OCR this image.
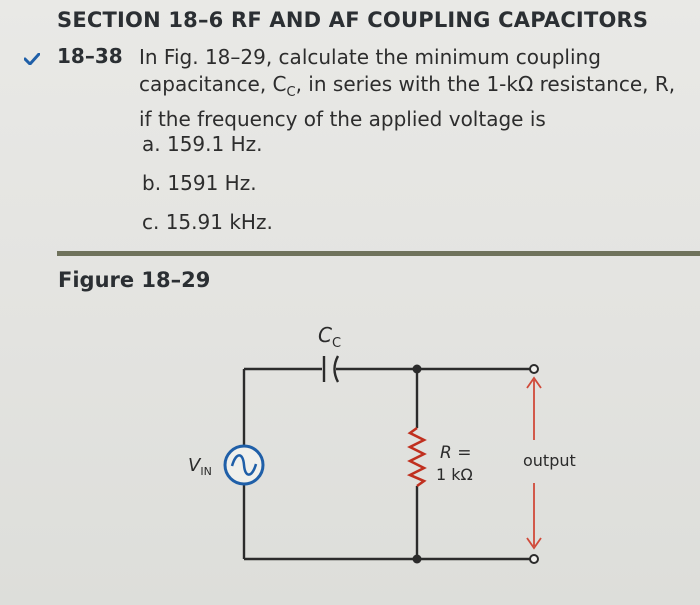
SECTION 18–6 RF AND AF COUPLING CAPACITORS
18–38 In Fig. 18–29, calculate the minimum coupling
capacitance, $C_C$, in series with the 1-kΩ resistance, R,
if the frequency of the applied voltage is
a. 159.1 Hz.
b. 1591 Hz.
c. 15.91 kHz.
Figure 18–29
$C_C$
$V_{IN}$
R =
1 kΩ
output
